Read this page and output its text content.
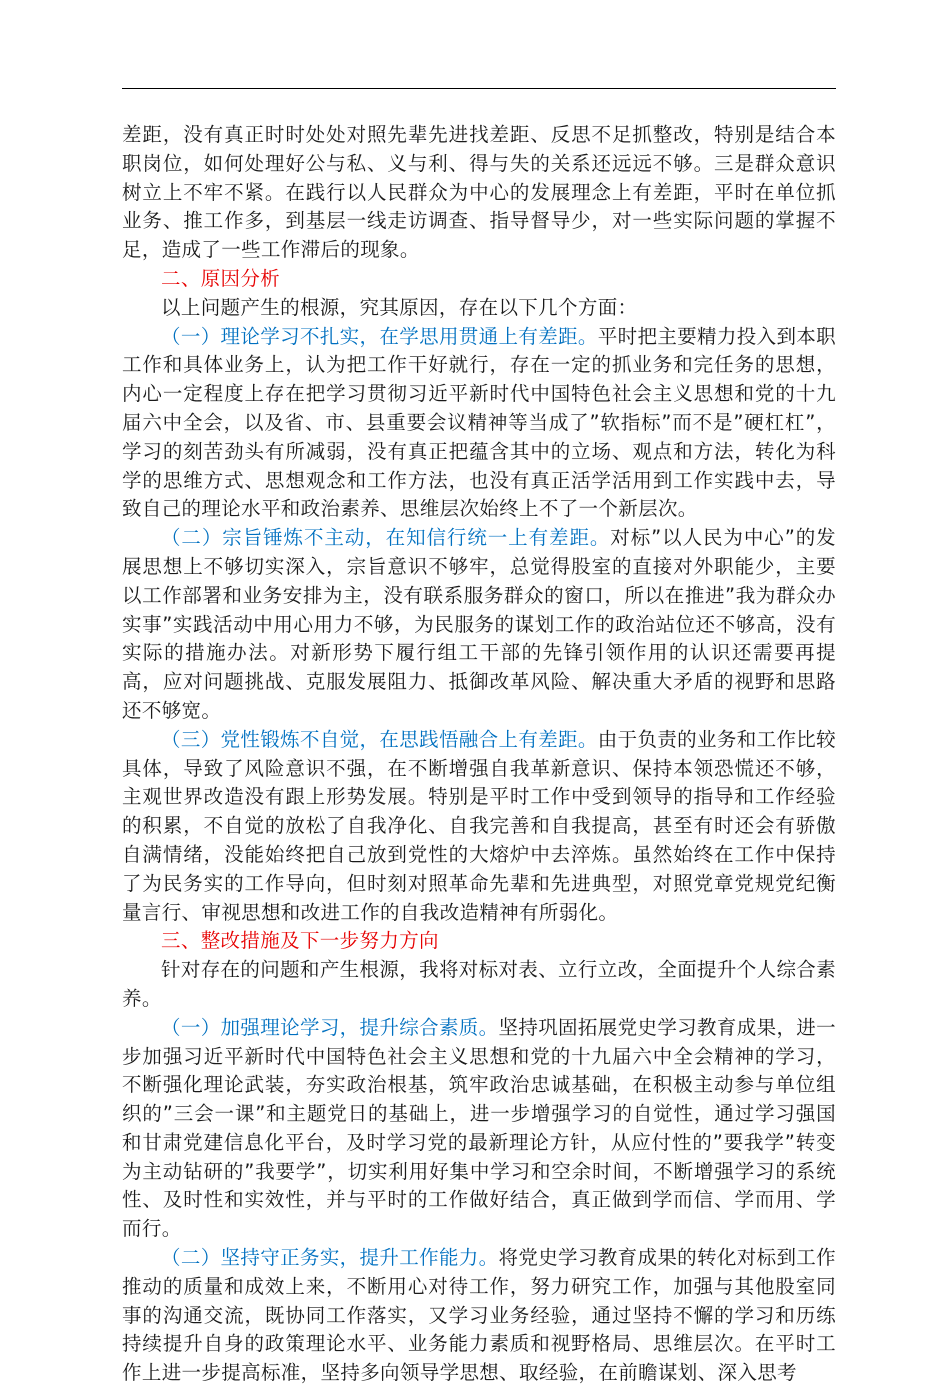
差距，没有真正时时处处对照先辈先进找差距、反思不足抓整改，特别是结合本职岗位，如何处理好公与私、义与利、得与失的关系还远远不够。三是群众意识树立上不牢不紧。在践行以人民群众为中心的发展理念上有差距，平时在单位抓业务、推工作多，到基层一线走访调查、指导督导少，对一些实际问题的掌握不足，造成了一些工作滞后的现象。

二、原因分析

以上问题产生的根源，究其原因，存在以下几个方面：

（一）理论学习不扎实，在学思用贯通上有差距。平时把主要精力投入到本职工作和具体业务上，认为把工作干好就行，存在一定的抓业务和完任务的思想，内心一定程度上存在把学习贯彻习近平新时代中国特色社会主义思想和党的十九届六中全会，以及省、市、县重要会议精神等当成了”软指标”而不是”硬杠杠”，学习的刻苦劲头有所减弱，没有真正把蕴含其中的立场、观点和方法，转化为科学的思维方式、思想观念和工作方法，也没有真正活学活用到工作实践中去，导致自己的理论水平和政治素养、思维层次始终上不了一个新层次。

（二）宗旨锤炼不主动，在知信行统一上有差距。对标”以人民为中心”的发展思想上不够切实深入，宗旨意识不够牢，总觉得股室的直接对外职能少，主要以工作部署和业务安排为主，没有联系服务群众的窗口，所以在推进”我为群众办实事”实践活动中用心用力不够，为民服务的谋划工作的政治站位还不够高，没有实际的措施办法。对新形势下履行组工干部的先锋引领作用的认识还需要再提高，应对问题挑战、克服发展阻力、抵御改革风险、解决重大矛盾的视野和思路还不够宽。

（三）党性锻炼不自觉，在思践悟融合上有差距。由于负责的业务和工作比较具体，导致了风险意识不强，在不断增强自我革新意识、保持本领恐慌还不够，主观世界改造没有跟上形势发展。特别是平时工作中受到领导的指导和工作经验的积累，不自觉的放松了自我净化、自我完善和自我提高，甚至有时还会有骄傲自满情绪，没能始终把自己放到党性的大熔炉中去淬炼。虽然始终在工作中保持了为民务实的工作导向，但时刻对照革命先辈和先进典型，对照党章党规党纪衡量言行、审视思想和改进工作的自我改造精神有所弱化。

三、整改措施及下一步努力方向

针对存在的问题和产生根源，我将对标对表、立行立改，全面提升个人综合素养。

（一）加强理论学习，提升综合素质。坚持巩固拓展党史学习教育成果，进一步加强习近平新时代中国特色社会主义思想和党的十九届六中全会精神的学习，不断强化理论武装，夯实政治根基，筑牢政治忠诚基础，在积极主动参与单位组织的”三会一课”和主题党日的基础上，进一步增强学习的自觉性，通过学习强国和甘肃党建信息化平台，及时学习党的最新理论方针，从应付性的”要我学”转变为主动钻研的”我要学”，切实利用好集中学习和空余时间，不断增强学习的系统性、及时性和实效性，并与平时的工作做好结合，真正做到学而信、学而用、学而行。

（二）坚持守正务实，提升工作能力。将党史学习教育成果的转化对标到工作推动的质量和成效上来，不断用心对待工作，努力研究工作，加强与其他股室同事的沟通交流，既协同工作落实，又学习业务经验，通过坚持不懈的学习和历练持续提升自身的政策理论水平、业务能力素质和视野格局、思维层次。在平时工作上进一步提高标准，坚持多向领导学思想、取经验，在前瞻谋划、深入思考
